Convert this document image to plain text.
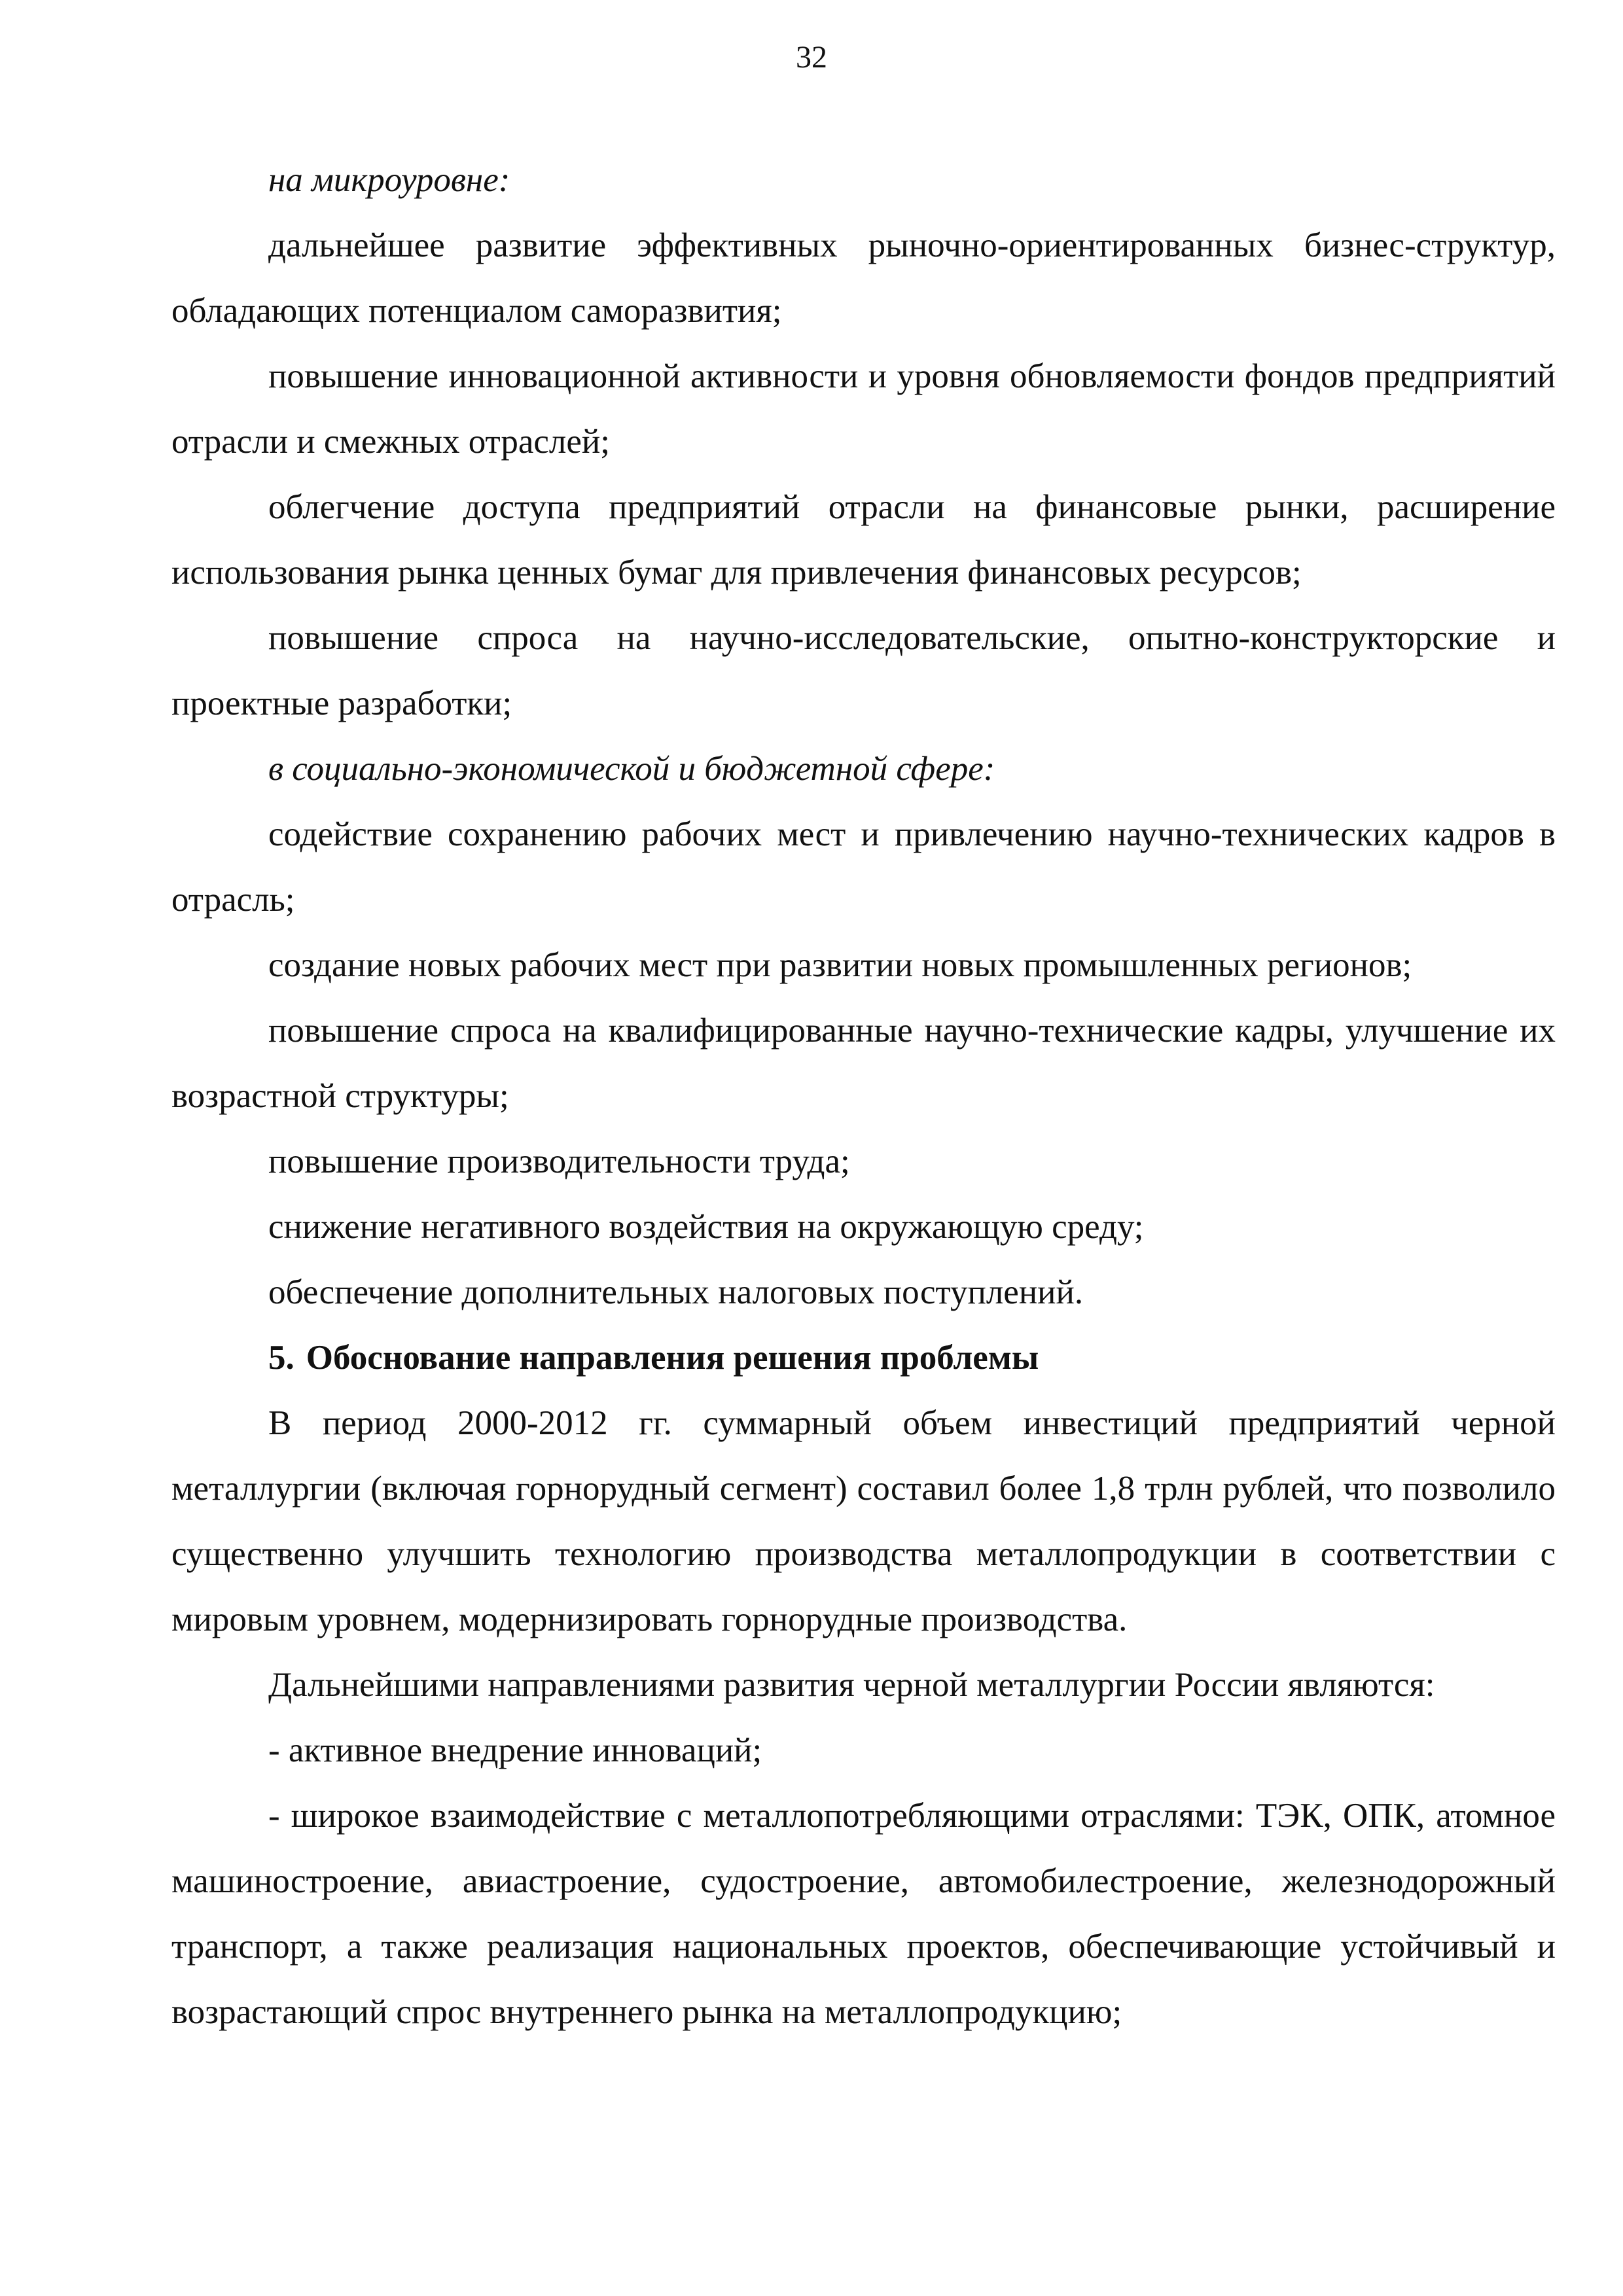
32

на микроуровне:

дальнейшее развитие эффективных рыночно-ориентированных бизнес-структур, обладающих потенциалом саморазвития;

повышение инновационной активности и уровня обновляемости фондов предприятий отрасли и смежных отраслей;

облегчение доступа предприятий отрасли на финансовые рынки, расширение использования рынка ценных бумаг для привлечения финансовых ресурсов;

повышение спроса на научно-исследовательские, опытно-конструкторские и проектные разработки;

в социально-экономической и бюджетной сфере:

содействие сохранению рабочих мест и привлечению научно-технических кадров в отрасль;

создание новых рабочих мест при развитии новых промышленных регионов;

повышение спроса на квалифицированные научно-технические кадры, улучшение их возрастной структуры;

повышение производительности труда;

снижение негативного воздействия на окружающую среду;

обеспечение дополнительных налоговых поступлений.

5. Обоснование направления решения проблемы

В период 2000-2012 гг. суммарный объем инвестиций предприятий черной металлургии (включая горнорудный сегмент) составил более 1,8 трлн рублей, что позволило существенно улучшить технологию производства металлопродукции в соответствии с мировым уровнем, модернизировать горнорудные производства.

Дальнейшими направлениями развития черной металлургии России являются:

- активное внедрение инноваций;

- широкое взаимодействие с металлопотребляющими отраслями: ТЭК, ОПК, атомное машиностроение, авиастроение, судостроение, автомобилестроение, железнодорожный транспорт, а также реализация национальных проектов, обеспечивающие устойчивый и возрастающий спрос внутреннего рынка на металлопродукцию;
